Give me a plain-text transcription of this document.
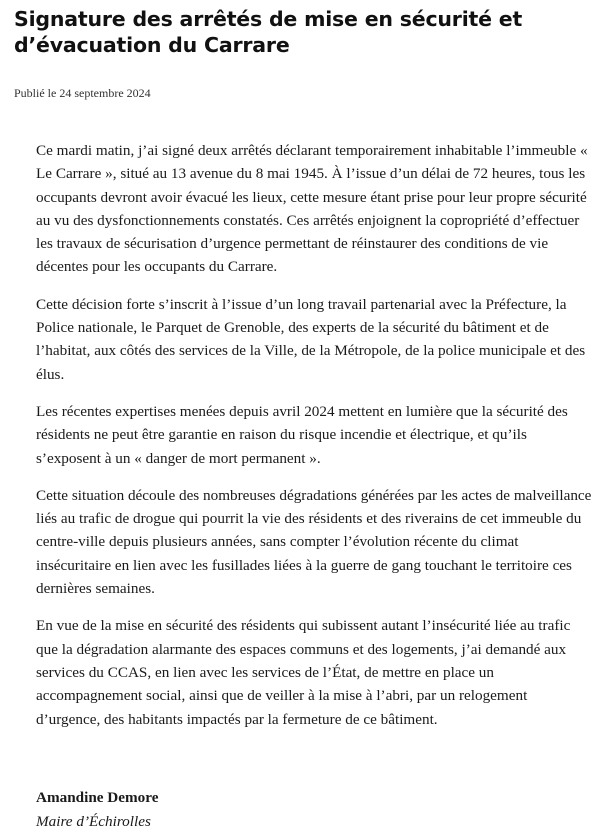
Signature des arrêtés de mise en sécurité et d’évacuation du Carrare

Publié le 24 septembre 2024

Ce mardi matin, j’ai signé deux arrêtés déclarant temporairement inhabitable l’immeuble « Le Carrare », situé au 13 avenue du 8 mai 1945. À l’issue d’un délai de 72 heures, tous les occupants devront avoir évacué les lieux, cette mesure étant prise pour leur propre sécurité au vu des dysfonctionnements constatés. Ces arrêtés enjoignent la copropriété d’effectuer les travaux de sécurisation d’urgence permettant de réinstaurer des conditions de vie décentes pour les occupants du Carrare.

Cette décision forte s’inscrit à l’issue d’un long travail partenarial avec la Préfecture, la Police nationale, le Parquet de Grenoble, des experts de la sécurité du bâtiment et de l’habitat, aux côtés des services de la Ville, de la Métropole, de la police municipale et des élus.

Les récentes expertises menées depuis avril 2024 mettent en lumière que la sécurité des résidents ne peut être garantie en raison du risque incendie et électrique, et qu’ils s’exposent à un « danger de mort permanent ».

Cette situation découle des nombreuses dégradations générées par les actes de malveillance liés au trafic de drogue qui pourrit la vie des résidents et des riverains de cet immeuble du centre-ville depuis plusieurs années, sans compter l’évolution récente du climat insécuritaire en lien avec les fusillades liées à la guerre de gang touchant le territoire ces dernières semaines.

En vue de la mise en sécurité des résidents qui subissent autant l’insécurité liée au trafic que la dégradation alarmante des espaces communs et des logements, j’ai demandé aux services du CCAS, en lien avec les services de l’État, de mettre en place un accompagnement social, ainsi que de veiller à la mise à l’abri, par un relogement d’urgence, des habitants impactés par la fermeture de ce bâtiment.

Amandine Demore
Maire d’Échirolles
